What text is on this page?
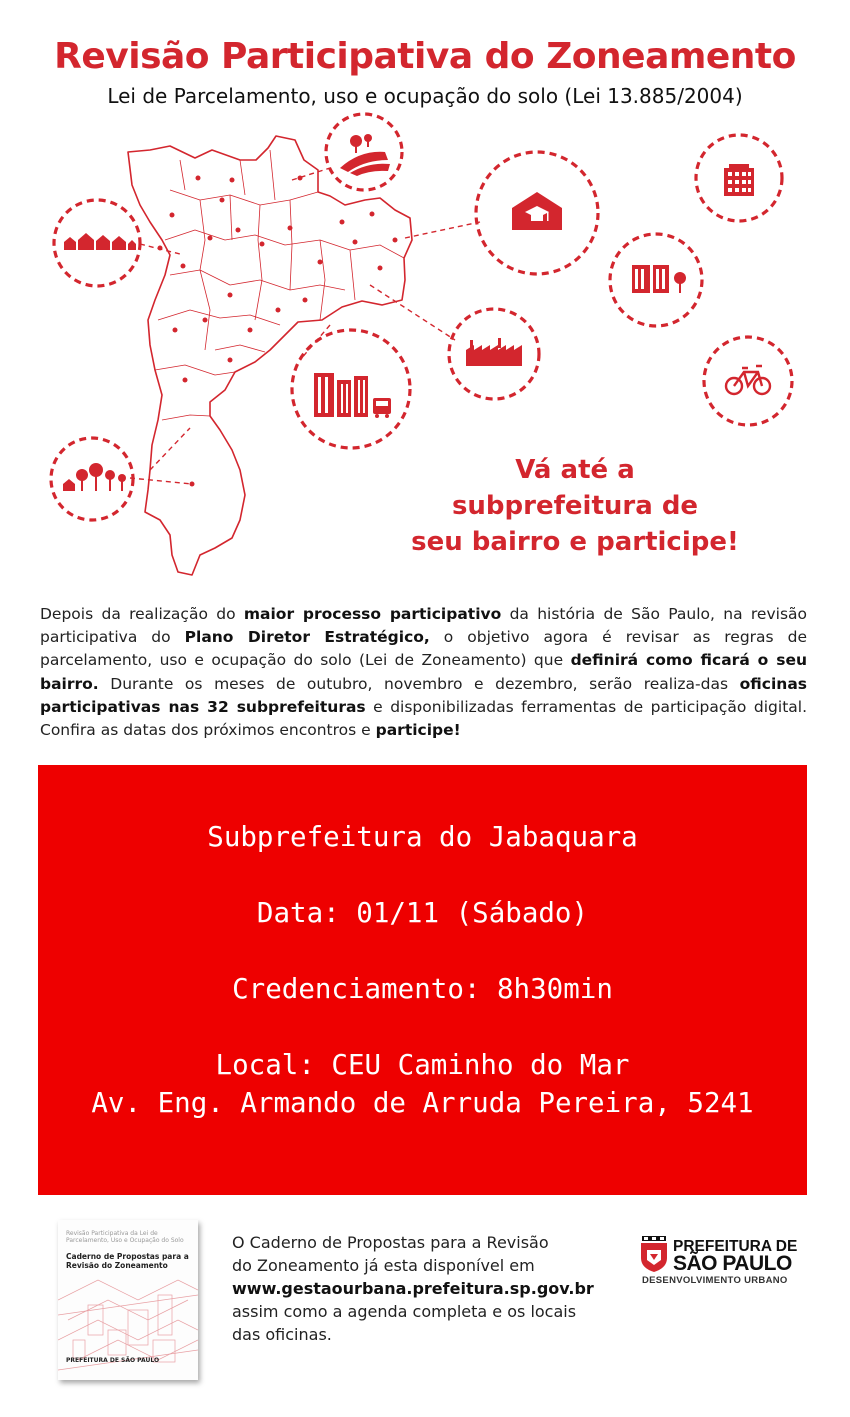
Revisão Participativa do Zoneamento
Lei de Parcelamento, uso e ocupação do solo (Lei 13.885/2004)
Vá até a
subprefeitura de
seu bairro e participe!
Depois da realização do maior processo participativo da história de São Paulo, na revisão participativa do Plano Diretor Estratégico, o objetivo agora é revisar as regras de parcelamento, uso e ocupação do solo (Lei de Zoneamento) que definirá como ficará o seu bairro. Durante os meses de outubro, novembro e dezembro, serão realiza-das oficinas participativas nas 32 subprefeituras e disponibilizadas ferramentas de participação digital. Confira as datas dos próximos encontros e participe!
Subprefeitura do Jabaquara
Data: 01/11 (Sábado)
Credenciamento: 8h30min
Local: CEU Caminho do Mar
Av. Eng. Armando de Arruda Pereira, 5241
Revisão Participativa da Lei de Parcelamento, Uso e Ocupação do Solo
Caderno de Propostas para a Revisão do Zoneamento
PREFEITURA DE SÃO PAULO
O Caderno de Propostas para a Revisão
do Zoneamento já esta disponível em
www.gestaourbana.prefeitura.sp.gov.br
assim como a agenda completa e os locais
das oficinas.
PREFEITURA DE
SÃO PAULO
DESENVOLVIMENTO URBANO
